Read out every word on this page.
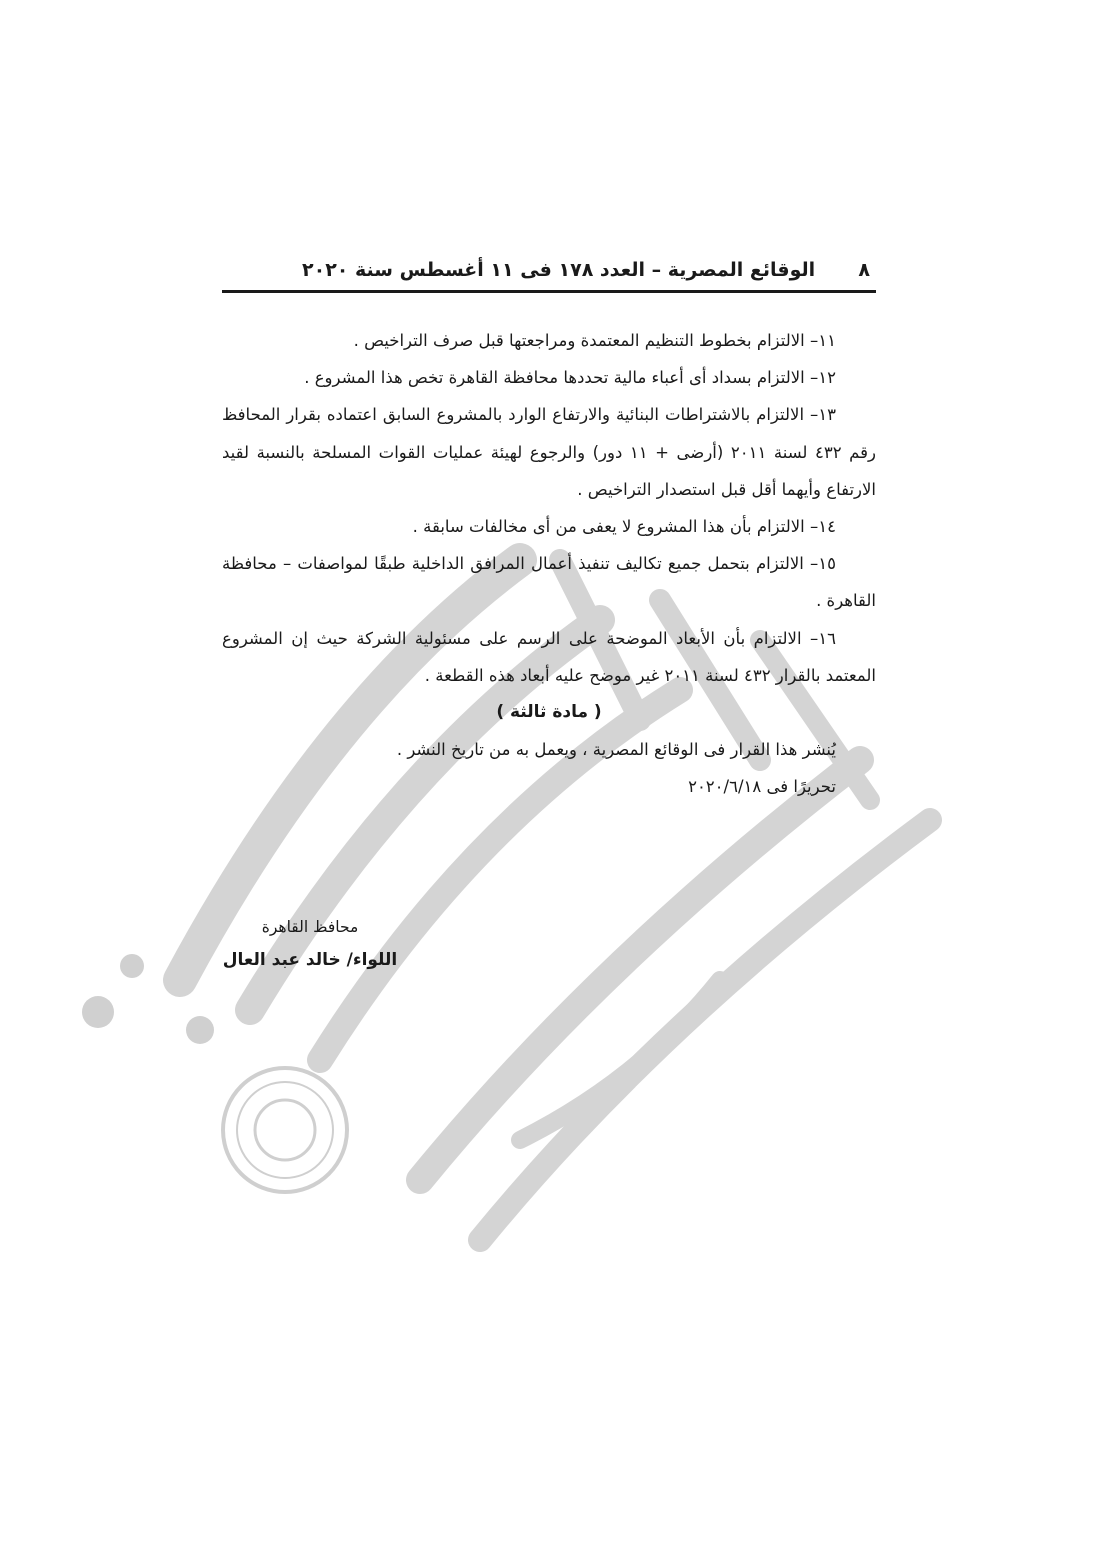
٨
الوقائع المصرية – العدد ١٧٨ فى ١١ أغسطس سنة ٢٠٢٠

١١– الالتزام بخطوط التنظيم المعتمدة ومراجعتها قبل صرف التراخيص .

١٢– الالتزام بسداد أى أعباء مالية تحددها محافظة القاهرة تخص هذا المشروع .

١٣– الالتزام بالاشتراطات البنائية والارتفاع الوارد بالمشروع السابق اعتماده بقرار المحافظ رقم ٤٣٢ لسنة ٢٠١١ (أرضى + ١١ دور) والرجوع لهيئة عمليات القوات المسلحة بالنسبة لقيد الارتفاع وأيهما أقل قبل استصدار التراخيص .

١٤– الالتزام بأن هذا المشروع لا يعفى من أى مخالفات سابقة .

١٥– الالتزام بتحمل جميع تكاليف تنفيذ أعمال المرافق الداخلية طبقًا لمواصفات – محافظة القاهرة .

١٦– الالتزام بأن الأبعاد الموضحة على الرسم على مسئولية الشركة حيث إن المشروع المعتمد بالقرار ٤٣٢ لسنة ٢٠١١ غير موضح عليه أبعاد هذه القطعة .

( مادة ثالثة )

يُنشر هذا القرار فى الوقائع المصرية ، ويعمل به من تاريخ النشر .

تحريرًا فى ٢٠٢٠/٦/١٨

محافظ القاهرة
اللواء/ خالد عبد العال
